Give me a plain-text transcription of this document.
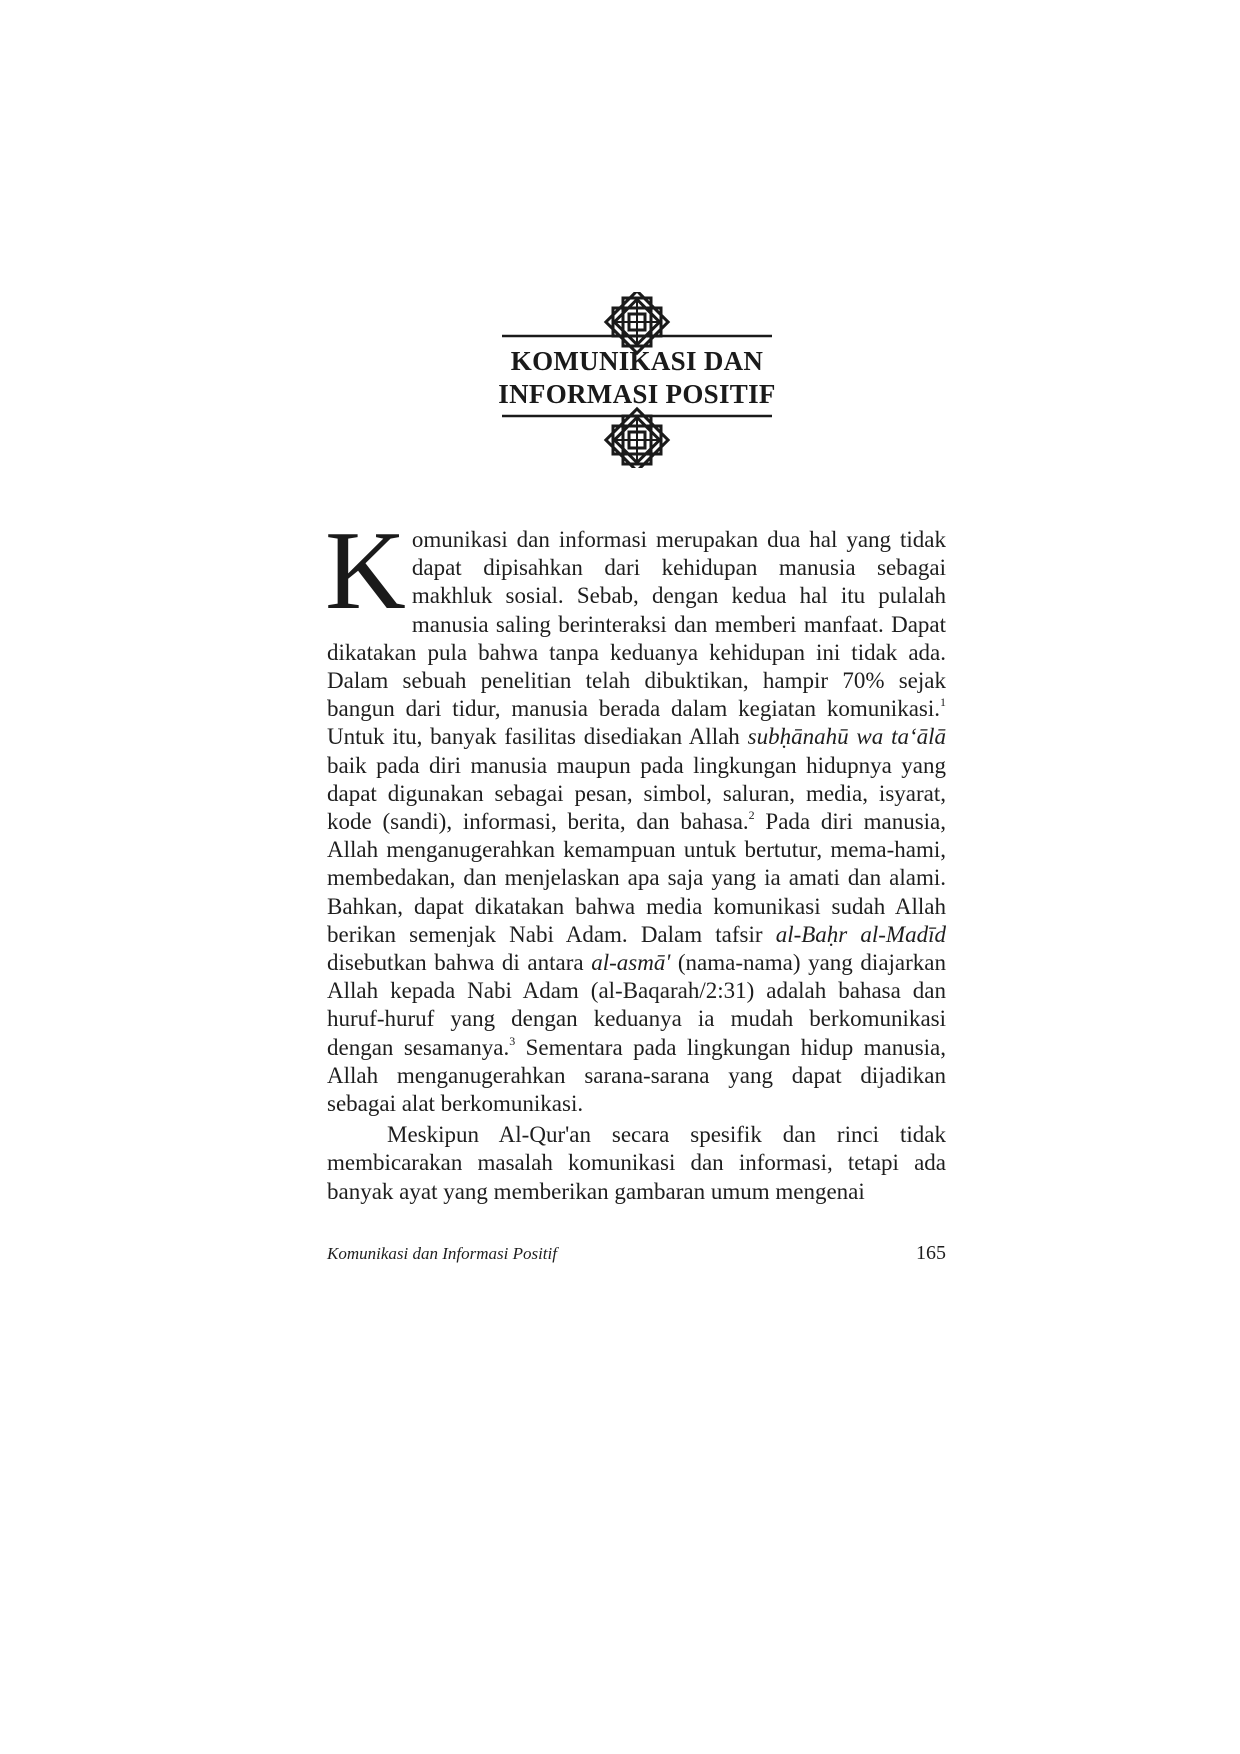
KOMUNIKASI DAN
INFORMASI POSITIF

Komunikasi dan informasi merupakan dua hal yang tidak dapat dipisahkan dari kehidupan manusia sebagai makhluk sosial. Sebab, dengan kedua hal itu pulalah manusia saling berinteraksi dan memberi manfaat. Dapat dikatakan pula bahwa tanpa keduanya kehidupan ini tidak ada. Dalam sebuah penelitian telah dibuktikan, hampir 70% sejak bangun dari tidur, manusia berada dalam kegiatan komunikasi.$^1$ Untuk itu, banyak fasilitas disediakan Allah subḥānahū wa ta‘ālā baik pada diri manusia maupun pada lingkungan hidupnya yang dapat digunakan sebagai pesan, simbol, saluran, media, isyarat, kode (sandi), informasi, berita, dan bahasa.$^2$ Pada diri manusia, Allah menganugerahkan kemampuan untuk bertutur, mema-hami, membedakan, dan menjelaskan apa saja yang ia amati dan alami. Bahkan, dapat dikatakan bahwa media komunikasi sudah Allah berikan semenjak Nabi Adam. Dalam tafsir al-Baḥr al-Madīd disebutkan bahwa di antara al-asmā' (nama-nama) yang diajarkan Allah kepada Nabi Adam (al-Baqarah/2:31) adalah bahasa dan huruf-huruf yang dengan keduanya ia mudah berkomunikasi dengan sesamanya.$^3$ Sementara pada lingkungan hidup manusia, Allah menganugerahkan sarana-sarana yang dapat dijadikan sebagai alat berkomunikasi.

Meskipun Al-Qur'an secara spesifik dan rinci tidak membicarakan masalah komunikasi dan informasi, tetapi ada banyak ayat yang memberikan gambaran umum mengenai

Komunikasi dan Informasi Positif	165
